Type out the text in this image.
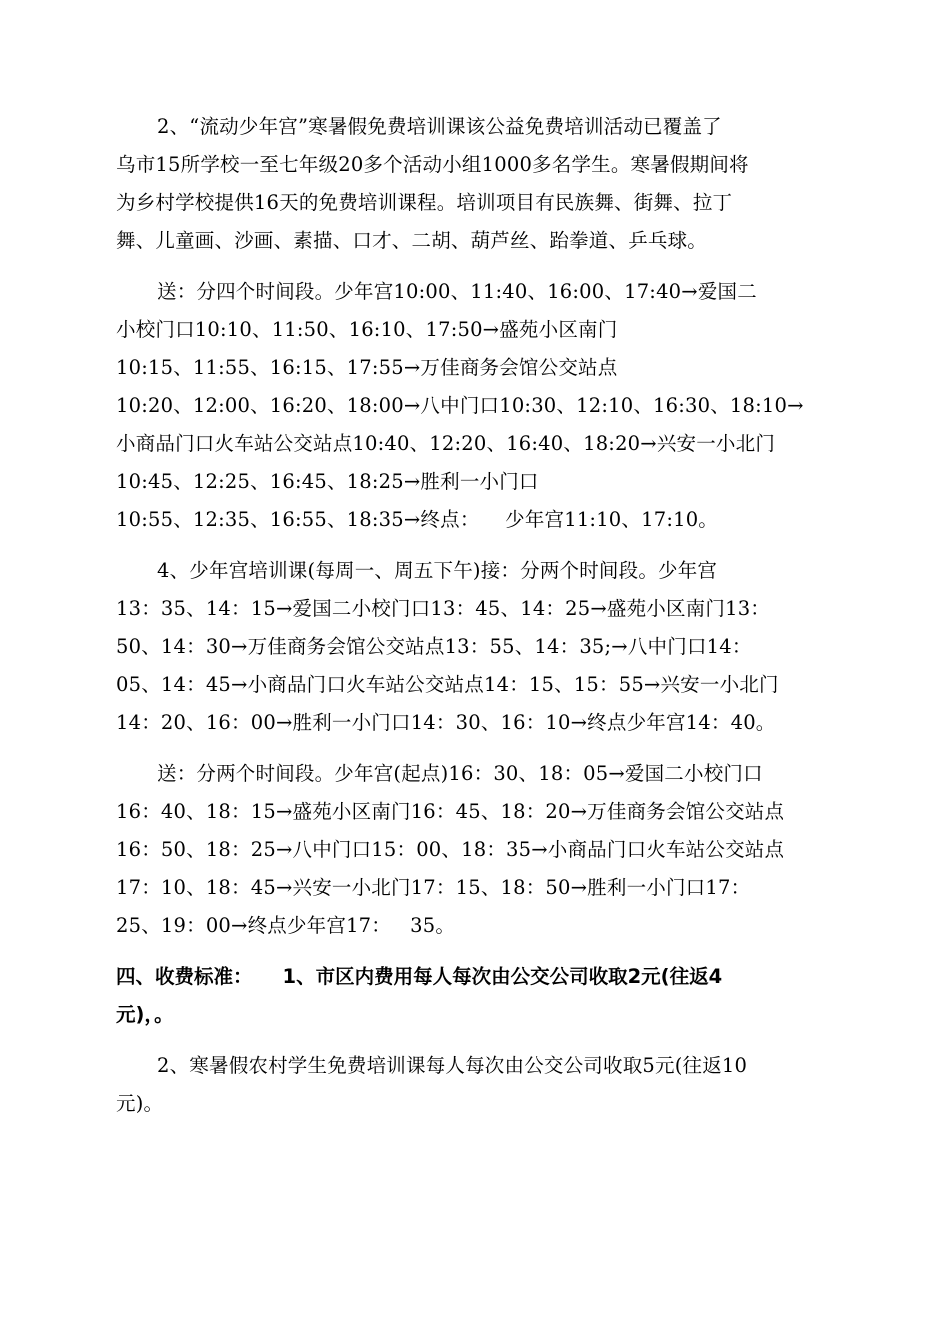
2、“流动少年宫”寒暑假免费培训课该公益免费培训活动已覆盖了
乌市15所学校一至七年级20多个活动小组1000多名学生。寒暑假期间将
为乡村学校提供16天的免费培训课程。培训项目有民族舞、街舞、拉丁
舞、儿童画、沙画、素描、口才、二胡、葫芦丝、跆拳道、乒乓球。
送：分四个时间段。少年宫10:00、11:40、16:00、17:40→爱国二
小校门口10:10、11:50、16:10、17:50→盛苑小区南门
10:15、11:55、16:15、17:55→万佳商务会馆公交站点
10:20、12:00、16:20、18:00→八中门口10:30、12:10、16:30、18:10→
小商品门口火车站公交站点10:40、12:20、16:40、18:20→兴安一小北门
10:45、12:25、16:45、18:25→胜利一小门口
10:55、12:35、16:55、18:35→终点：    少年宫11:10、17:10。
4、少年宫培训课(每周一、周五下午)接：分两个时间段。少年宫
13：35、14：15→爱国二小校门口13：45、14：25→盛苑小区南门13：
50、14：30→万佳商务会馆公交站点13：55、14：35;→八中门口14：
05、14：45→小商品门口火车站公交站点14：15、15：55→兴安一小北门
14：20、16：00→胜利一小门口14：30、16：10→终点少年宫14：40。
送：分两个时间段。少年宫(起点)16：30、18：05→爱国二小校门口
16：40、18：15→盛苑小区南门16：45、18：20→万佳商务会馆公交站点
16：50、18：25→八中门口15：00、18：35→小商品门口火车站公交站点
17：10、18：45→兴安一小北门17：15、18：50→胜利一小门口17：
25、19：00→终点少年宫17：   35。
四、收费标准： 1、市区内费用每人每次由公交公司收取2元(往返4
元)，。
2、寒暑假农村学生免费培训课每人每次由公交公司收取5元(往返10
元)。
